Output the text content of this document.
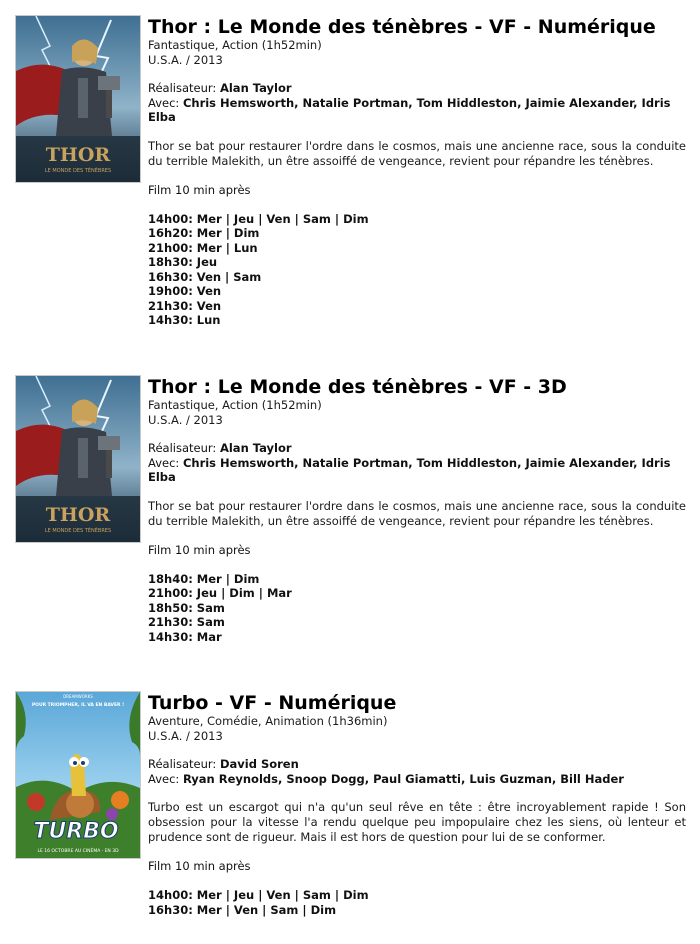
THOR
LE MONDE DES TÉNÈBRES
Thor : Le Monde des ténèbres - VF - Numérique
Fantastique, Action (1h52min)
U.S.A. / 2013
Réalisateur: Alan Taylor
Avec: Chris Hemsworth, Natalie Portman, Tom Hiddleston, Jaimie Alexander, Idris Elba
Thor se bat pour restaurer l'ordre dans le cosmos, mais une ancienne race, sous la conduite du terrible Malekith, un être assoiffé de vengeance, revient pour répandre les ténèbres.
Film 10 min après
14h00: Mer | Jeu | Ven | Sam | Dim
16h20: Mer | Dim
21h00: Mer | Lun
18h30: Jeu
16h30: Ven | Sam
19h00: Ven
21h30: Ven
14h30: Lun
THOR
LE MONDE DES TÉNÈBRES
Thor : Le Monde des ténèbres - VF - 3D
Fantastique, Action (1h52min)
U.S.A. / 2013
Réalisateur: Alan Taylor
Avec: Chris Hemsworth, Natalie Portman, Tom Hiddleston, Jaimie Alexander, Idris Elba
Thor se bat pour restaurer l'ordre dans le cosmos, mais une ancienne race, sous la conduite du terrible Malekith, un être assoiffé de vengeance, revient pour répandre les ténèbres.
Film 10 min après
18h40: Mer | Dim
21h00: Jeu | Dim | Mar
18h50: Sam
21h30: Sam
14h30: Mar
POUR TRIOMPHER, IL VA EN BAVER !
DREAMWORKS
TURBO
LE 16 OCTOBRE AU CINÉMA · EN 3D
Turbo - VF - Numérique
Aventure, Comédie, Animation (1h36min)
U.S.A. / 2013
Réalisateur: David Soren
Avec: Ryan Reynolds, Snoop Dogg, Paul Giamatti, Luis Guzman, Bill Hader
Turbo est un escargot qui n'a qu'un seul rêve en tête : être incroyablement rapide ! Son obsession pour la vitesse l'a rendu quelque peu impopulaire chez les siens, où lenteur et prudence sont de rigueur. Mais il est hors de question pour lui de se conformer.
Film 10 min après
14h00: Mer | Jeu | Ven | Sam | Dim
16h30: Mer | Ven | Sam | Dim
